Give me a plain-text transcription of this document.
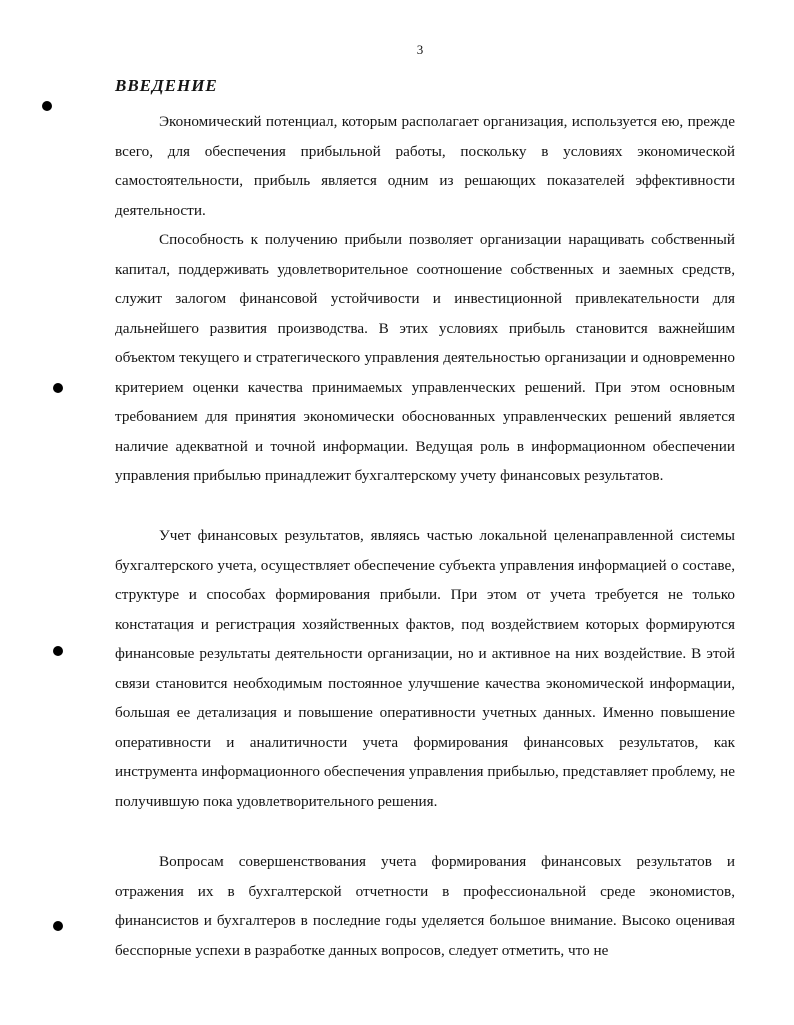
3
ВВЕДЕНИЕ

Экономический потенциал, которым располагает организация, используется ею, прежде всего, для обеспечения прибыльной работы, поскольку в условиях экономической самостоятельности, прибыль является одним из решающих показателей эффективности деятельности.

Способность к получению прибыли позволяет организации наращивать собственный капитал, поддерживать удовлетворительное соотношение собственных и заемных средств, служит залогом финансовой устойчивости и инвестиционной привлекательности для дальнейшего развития производства. В этих условиях прибыль становится важнейшим объектом текущего и стратегического управления деятельностью организации и одновременно критерием оценки качества принимаемых управленческих решений. При этом основным требованием для принятия экономически обоснованных управленческих решений является наличие адекватной и точной информации. Ведущая роль в информационном обеспечении управления прибылью принадлежит бухгалтерскому учету финансовых результатов.

Учет финансовых результатов, являясь частью локальной целенаправленной системы бухгалтерского учета, осуществляет обеспечение субъекта управления информацией о составе, структуре и способах формирования прибыли. При этом от учета требуется не только констатация и регистрация хозяйственных фактов, под воздействием которых формируются финансовые результаты деятельности организации, но и активное на них воздействие. В этой связи становится необходимым постоянное улучшение качества экономической информации, большая ее детализация и повышение оперативности учетных данных. Именно повышение оперативности и аналитичности учета формирования финансовых результатов, как инструмента информационного обеспечения управления прибылью, представляет проблему, не получившую пока удовлетворительного решения.

Вопросам совершенствования учета формирования финансовых результатов и отражения их в бухгалтерской отчетности в профессиональной среде экономистов, финансистов и бухгалтеров в последние годы уделяется большое внимание. Высоко оценивая бесспорные успехи в разработке данных вопросов, следует отметить, что не
